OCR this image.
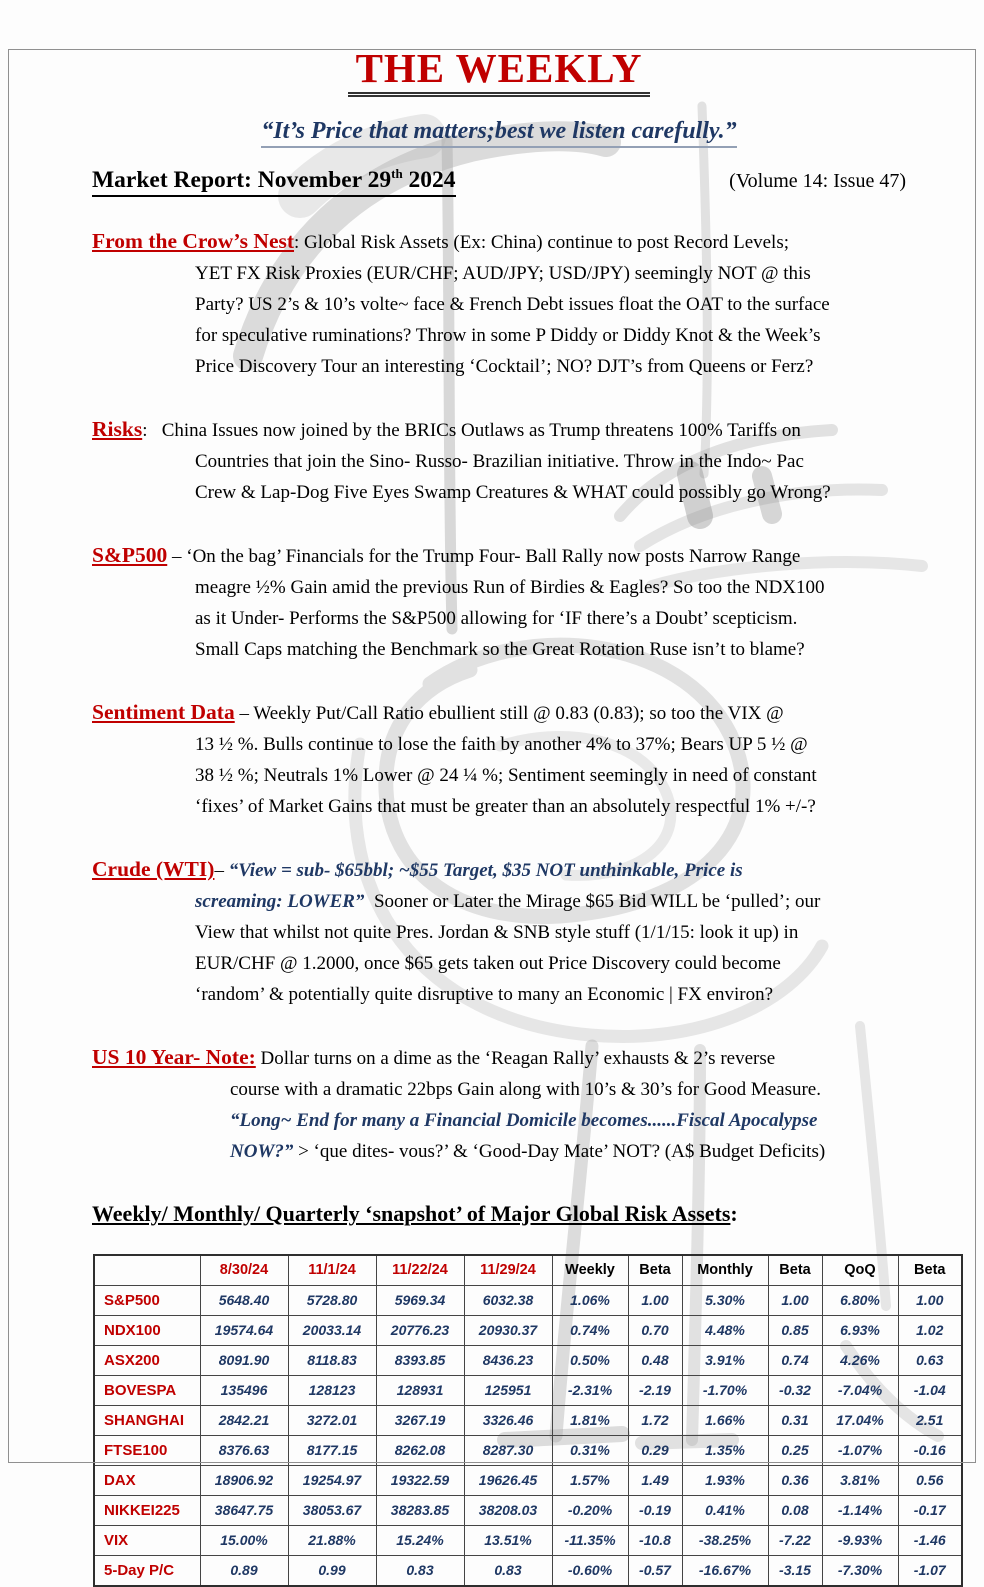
THE WEEKLY
“It’s Price that matters;best we listen carefully.”
Market Report: November 29th 2024	(Volume 14: Issue 47)
From the Crow’s Nest: Global Risk Assets (Ex: China) continue to post Record Levels;
YET FX Risk Proxies (EUR/CHF; AUD/JPY; USD/JPY) seemingly NOT @ this
Party? US 2’s & 10’s volte~ face & French Debt issues float the OAT to the surface
for speculative ruminations? Throw in some P Diddy or Diddy Knot & the Week’s
Price Discovery Tour an interesting ‘Cocktail’; NO? DJT’s from Queens or Ferz?
Risks:   China Issues now joined by the BRICs Outlaws as Trump threatens 100% Tariffs on
Countries that join the Sino- Russo- Brazilian initiative. Throw in the Indo~ Pac
Crew & Lap-Dog Five Eyes Swamp Creatures & WHAT could possibly go Wrong?
S&P500 – ‘On the bag’ Financials for the Trump Four- Ball Rally now posts Narrow Range
meagre ½% Gain amid the previous Run of Birdies & Eagles? So too the NDX100
as it Under- Performs the S&P500 allowing for ‘IF there’s a Doubt’ scepticism.
Small Caps matching the Benchmark so the Great Rotation Ruse isn’t to blame?
Sentiment Data – Weekly Put/Call Ratio ebullient still @ 0.83 (0.83); so too the VIX @
13 ½ %. Bulls continue to lose the faith by another 4% to 37%; Bears UP 5 ½ @
38 ½ %; Neutrals 1% Lower @ 24 ¼ %; Sentiment seemingly in need of constant
‘fixes’ of Market Gains that must be greater than an absolutely respectful 1% +/-?
Crude (WTI)– “View = sub- $65bbl; ~$55 Target, $35 NOT unthinkable, Price is
screaming: LOWER”  Sooner or Later the Mirage $65 Bid WILL be ‘pulled’; our
View that whilst not quite Pres. Jordan & SNB style stuff (1/1/15: look it up) in
EUR/CHF @ 1.2000, once $65 gets taken out Price Discovery could become
‘random’ & potentially quite disruptive to many an Economic | FX environ?
US 10 Year- Note: Dollar turns on a dime as the ‘Reagan Rally’ exhausts & 2’s reverse
course with a dramatic 22bps Gain along with 10’s & 30’s for Good Measure.
“Long~ End for many a Financial Domicile becomes......Fiscal Apocalypse
NOW?” > ‘que dites- vous?’ & ‘Good-Day Mate’ NOT? (A$ Budget Deficits)
Weekly/ Monthly/ Quarterly ‘snapshot’ of Major Global Risk Assets:
	8/30/24	11/1/24	11/22/24	11/29/24	Weekly	Beta	Monthly	Beta	QoQ	Beta
S&P500	5648.40	5728.80	5969.34	6032.38	1.06%	1.00	5.30%	1.00	6.80%	1.00
NDX100	19574.64	20033.14	20776.23	20930.37	0.74%	0.70	4.48%	0.85	6.93%	1.02
ASX200	8091.90	8118.83	8393.85	8436.23	0.50%	0.48	3.91%	0.74	4.26%	0.63
BOVESPA	135496	128123	128931	125951	-2.31%	-2.19	-1.70%	-0.32	-7.04%	-1.04
SHANGHAI	2842.21	3272.01	3267.19	3326.46	1.81%	1.72	1.66%	0.31	17.04%	2.51
FTSE100	8376.63	8177.15	8262.08	8287.30	0.31%	0.29	1.35%	0.25	-1.07%	-0.16
DAX	18906.92	19254.97	19322.59	19626.45	1.57%	1.49	1.93%	0.36	3.81%	0.56
NIKKEI225	38647.75	38053.67	38283.85	38208.03	-0.20%	-0.19	0.41%	0.08	-1.14%	-0.17
VIX	15.00%	21.88%	15.24%	13.51%	-11.35%	-10.8	-38.25%	-7.22	-9.93%	-1.46
5-Day P/C	0.89	0.99	0.83	0.83	-0.60%	-0.57	-16.67%	-3.15	-7.30%	-1.07
